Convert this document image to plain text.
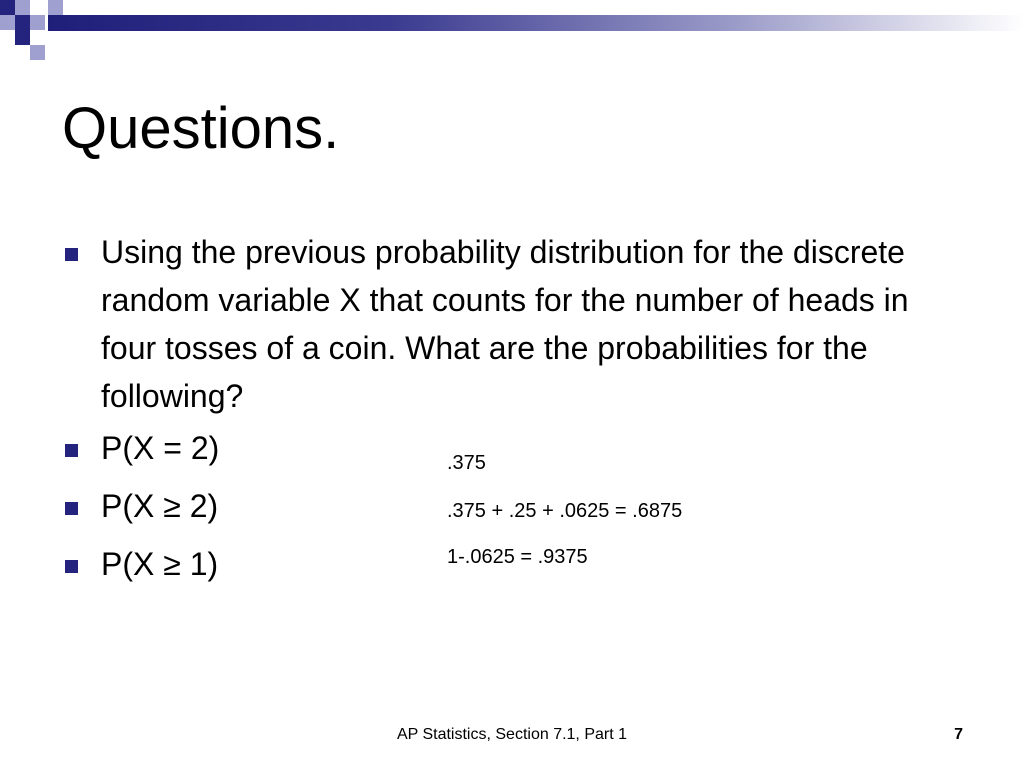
Questions.
Using the previous probability distribution for the discrete random variable X that counts for the number of heads in four tosses of a coin. What are the probabilities for the following?
P(X = 2)
P(X ≥ 2)
P(X ≥ 1)
.375
.375 + .25 + .0625 = .6875
1-.0625 = .9375
AP Statistics, Section 7.1, Part 1	7
